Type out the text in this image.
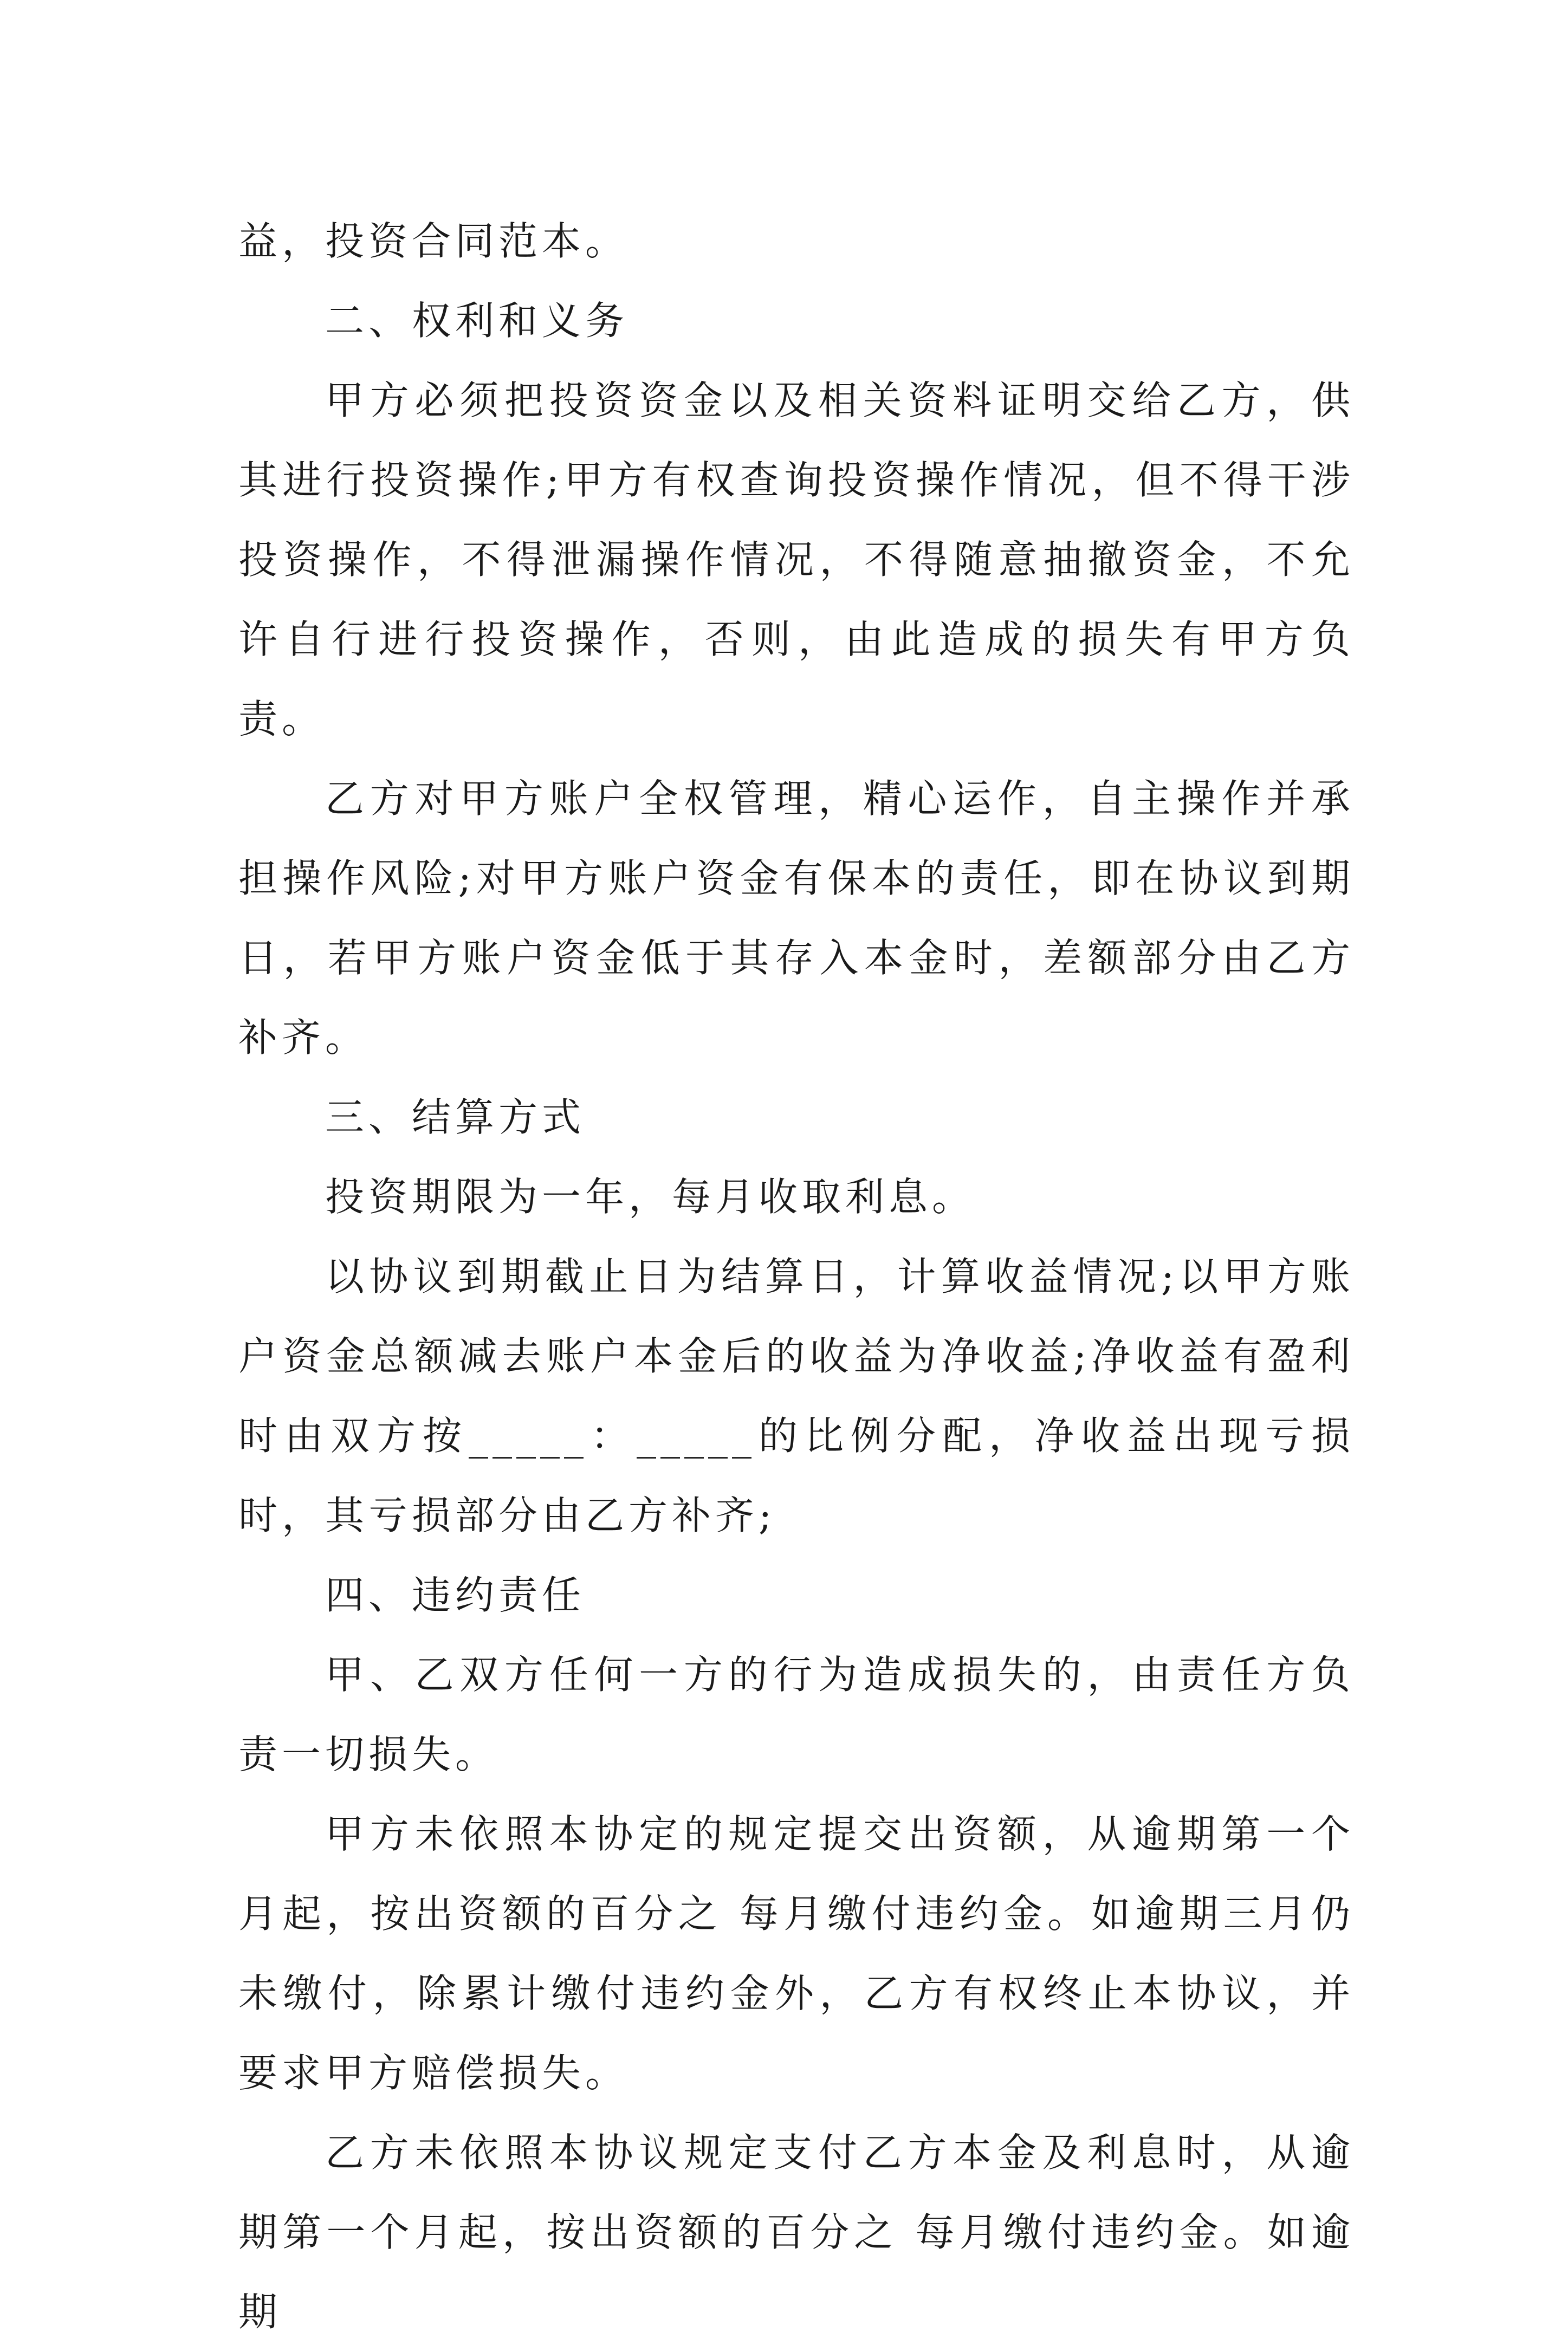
益，投资合同范本。

二、权利和义务

甲方必须把投资资金以及相关资料证明交给乙方，供其进行投资操作;甲方有权查询投资操作情况，但不得干涉投资操作，不得泄漏操作情况，不得随意抽撤资金，不允许自行进行投资操作，否则，由此造成的损失有甲方负责。

乙方对甲方账户全权管理，精心运作，自主操作并承担操作风险;对甲方账户资金有保本的责任，即在协议到期日，若甲方账户资金低于其存入本金时，差额部分由乙方补齐。

三、结算方式

投资期限为一年，每月收取利息。

以协议到期截止日为结算日，计算收益情况;以甲方账户资金总额减去账户本金后的收益为净收益;净收益有盈利时由双方按_____：_____的比例分配，净收益出现亏损时，其亏损部分由乙方补齐;

四、违约责任

甲、乙双方任何一方的行为造成损失的，由责任方负责一切损失。

甲方未依照本协定的规定提交出资额，从逾期第一个月起，按出资额的百分之 每月缴付违约金。如逾期三月仍未缴付，除累计缴付违约金外，乙方有权终止本协议，并要求甲方赔偿损失。

乙方未依照本协议规定支付乙方本金及利息时，从逾期第一个月起，按出资额的百分之 每月缴付违约金。如逾期
